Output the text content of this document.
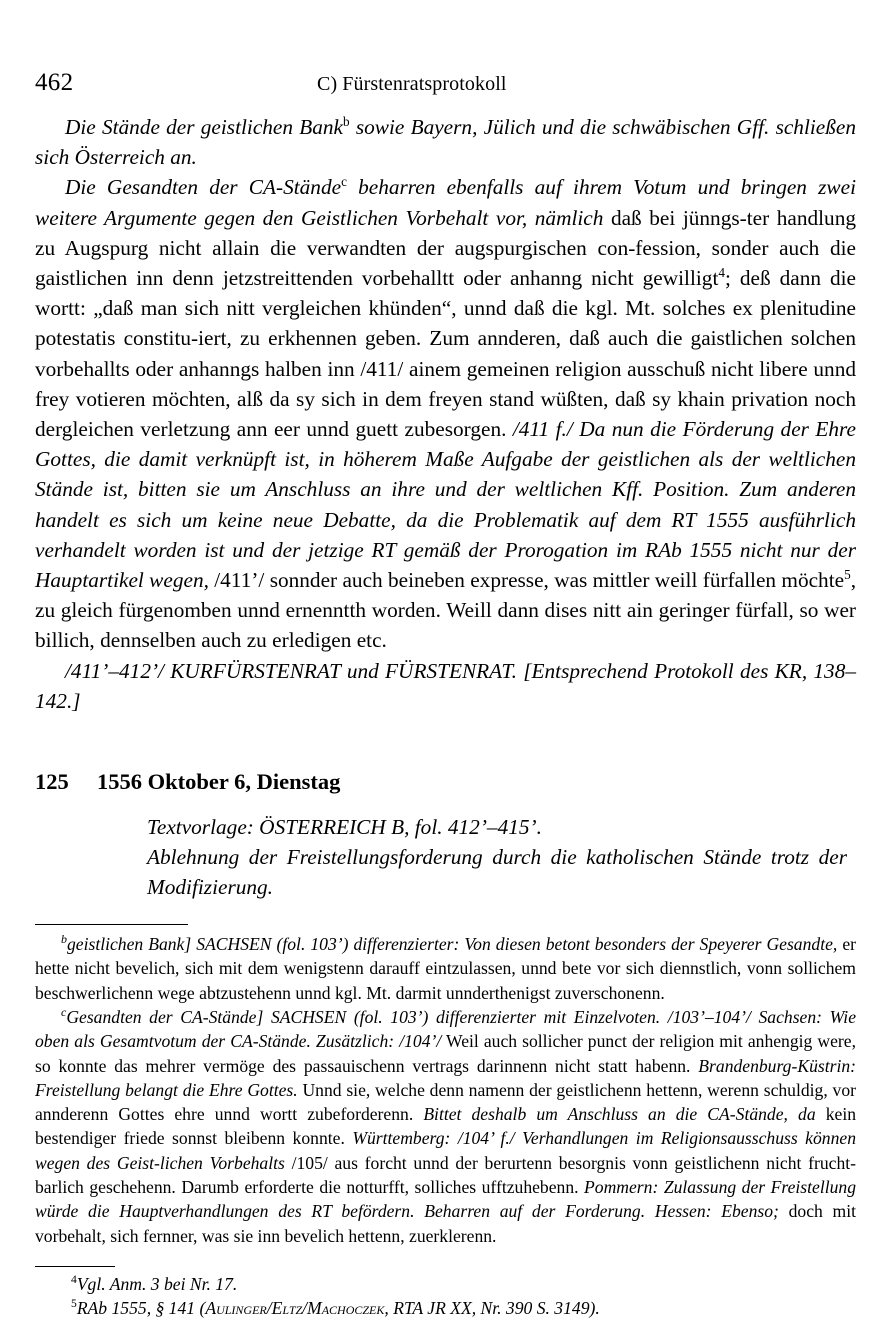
462	C) Fürstenratsprotokoll

Die Stände der geistlichen Bank$^b$ sowie Bayern, Jülich und die schwäbischen Gff. schließen sich Österreich an.

Die Gesandten der CA-Stände$^c$ beharren ebenfalls auf ihrem Votum und bringen zwei weitere Argumente gegen den Geistlichen Vorbehalt vor, nämlich daß bei jünngs-ter handlung zu Augspurg nicht allain die verwandten der augspurgischen con-fession, sonder auch die gaistlichen inn denn jetzstreittenden vorbehalltt oder anhanng nicht gewilligt$^4$; deß dann die wortt: „daß man sich nitt vergleichen khünden“, unnd daß die kgl. Mt. solches ex plenitudine potestatis constitu-iert, zu erkhennen geben. Zum annderen, daß auch die gaistlichen solchen vorbehallts oder anhanngs halben inn /411/ ainem gemeinen religion ausschuß nicht libere unnd frey votieren möchten, alß da sy sich in dem freyen stand wüßten, daß sy khain privation noch dergleichen verletzung ann eer unnd guett zubesorgen. /411 f./ Da nun die Förderung der Ehre Gottes, die damit verknüpft ist, in höherem Maße Aufgabe der geistlichen als der weltlichen Stände ist, bitten sie um Anschluss an ihre und der weltlichen Kff. Position. Zum anderen handelt es sich um keine neue Debatte, da die Problematik auf dem RT 1555 ausführlich verhandelt worden ist und der jetzige RT gemäß der Prorogation im RAb 1555 nicht nur der Hauptartikel wegen, /411’/ sonnder auch beineben expresse, was mittler weill fürfallen möchte$^5$, zu gleich fürgenomben unnd ernenntth worden. Weill dann dises nitt ain geringer fürfall, so wer billich, dennselben auch zu erledigen etc.

/411’–412’/ KURFÜRSTENRAT und FÜRSTENRAT. [Entsprechend Protokoll des KR, 138–142.]

125 1556 Oktober 6, Dienstag
Textvorlage: ÖSTERREICH B, fol. 412’–415’.
Ablehnung der Freistellungsforderung durch die katholischen Stände trotz der Modifizierung.

$^b$geistlichen Bank] SACHSEN (fol. 103’) differenzierter: Von diesen betont besonders der Speyerer Gesandte, er hette nicht bevelich, sich mit dem wenigstenn darauff eintzulassen, unnd bete vor sich diennstlich, vonn sollichem beschwerlichenn wege abtzustehenn unnd kgl. Mt. darmit unnderthenigst zuverschonenn.

$^c$Gesandten der CA-Stände] SACHSEN (fol. 103’) differenzierter mit Einzelvoten. /103’–104’/ Sachsen: Wie oben als Gesamtvotum der CA-Stände. Zusätzlich: /104’/ Weil auch sollicher punct der religion mit anhengig were, so konnte das mehrer vermöge des passauischenn vertrags darinnenn nicht statt habenn. Brandenburg-Küstrin: Freistellung belangt die Ehre Gottes. Unnd sie, welche denn namenn der geistlichenn hettenn, werenn schuldig, vor annderenn Gottes ehre unnd wortt zubeforderenn. Bittet deshalb um Anschluss an die CA-Stände, da kein bestendiger friede sonnst bleibenn konnte. Württemberg: /104’ f./ Verhandlungen im Religionsausschuss können wegen des Geist-lichen Vorbehalts /105/ aus forcht unnd der berurtenn besorgnis vonn geistlichenn nicht frucht-barlich geschehenn. Darumb erforderte die notturfft, solliches ufftzuhebenn. Pommern: Zulassung der Freistellung würde die Hauptverhandlungen des RT befördern. Beharren auf der Forderung. Hessen: Ebenso; doch mit vorbehalt, sich fernner, was sie inn bevelich hettenn, zuerklerenn.

$^4$Vgl. Anm. 3 bei Nr. 17.

$^5$RAb 1555, § 141 (Aulinger/Eltz/Machoczek, RTA JR XX, Nr. 390 S. 3149).
